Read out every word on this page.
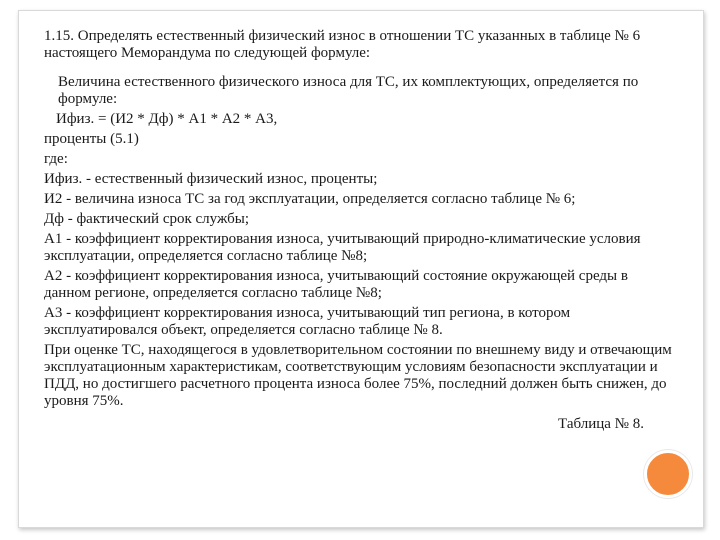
1.15. Определять естественный физический износ в отношении ТС указанных в таблице № 6 настоящего Меморандума по следующей формуле:

Величина естественного физического износа для ТС, их комплектующих, определяется по формуле:

Ифиз. = (И2 * Дф) * А1 * А2 * А3,

проценты (5.1)

где:

Ифиз. - естественный физический износ, проценты;

И2 - величина износа ТС за год эксплуатации, определяется согласно таблице № 6;

Дф - фактический срок службы;

А1 - коэффициент корректирования износа, учитывающий природно-климатические условия эксплуатации, определяется согласно таблице №8;

А2 - коэффициент корректирования износа, учитывающий состояние окружающей среды в данном регионе, определяется согласно таблице №8;

А3 - коэффициент корректирования износа, учитывающий тип региона, в котором эксплуатировался объект, определяется согласно таблице № 8.

При оценке ТС, находящегося в удовлетворительном состоянии по внешнему виду и отвечающим эксплуатационным характеристикам, соответствующим условиям безопасности эксплуатации и ПДД, но достигшего расчетного процента износа более 75%, последний должен быть снижен, до уровня 75%.

Таблица № 8.
